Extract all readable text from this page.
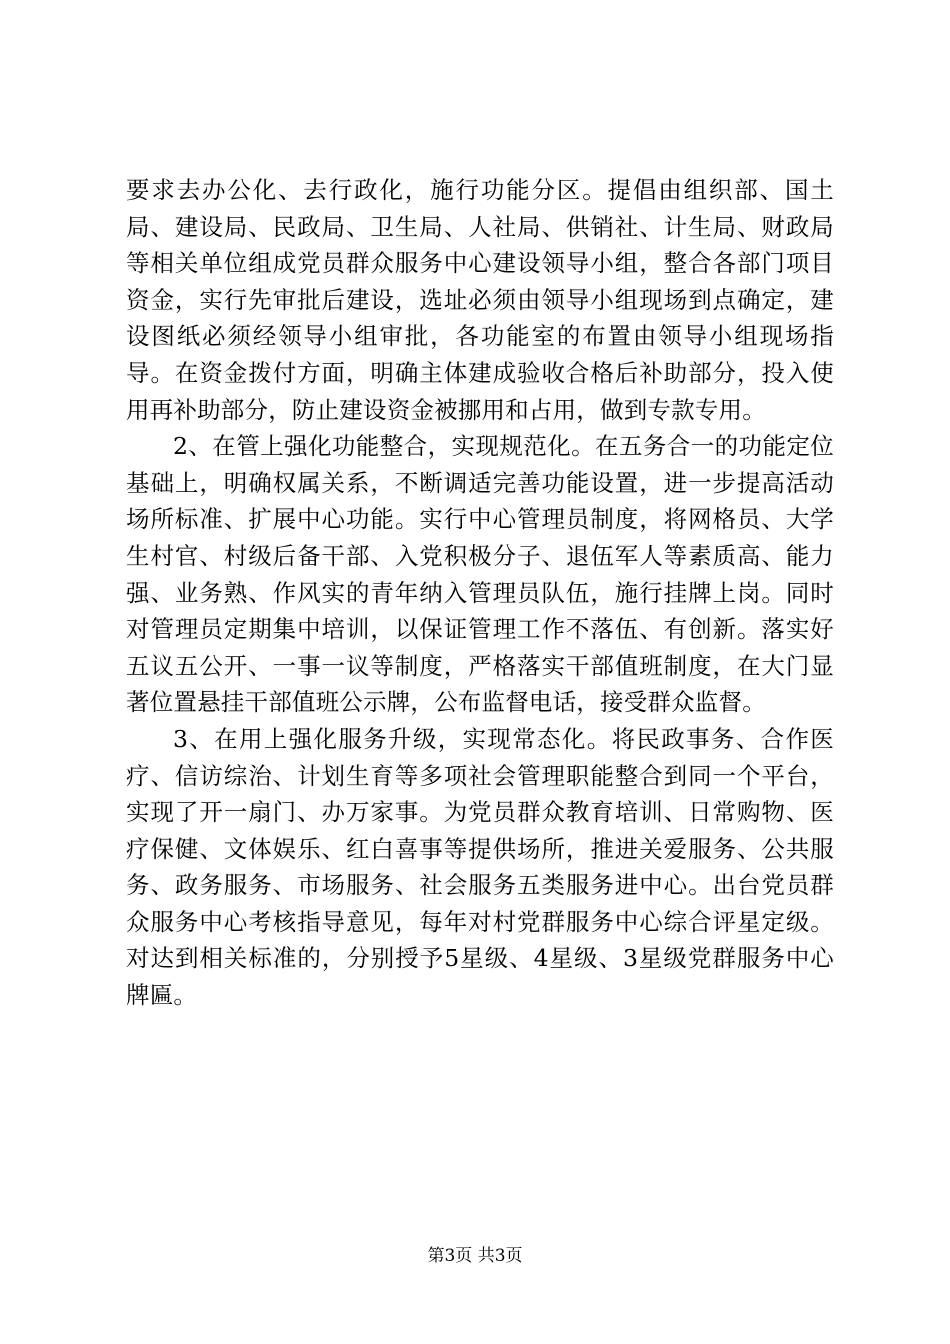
要求去办公化、去行政化，施行功能分区。提倡由组织部、国土局、建设局、民政局、卫生局、人社局、供销社、计生局、财政局等相关单位组成党员群众服务中心建设领导小组，整合各部门项目资金，实行先审批后建设，选址必须由领导小组现场到点确定，建设图纸必须经领导小组审批，各功能室的布置由领导小组现场指导。在资金拨付方面，明确主体建成验收合格后补助部分，投入使用再补助部分，防止建设资金被挪用和占用，做到专款专用。

2、在管上强化功能整合，实现规范化。在五务合一的功能定位基础上，明确权属关系，不断调适完善功能设置，进一步提高活动场所标准、扩展中心功能。实行中心管理员制度，将网格员、大学生村官、村级后备干部、入党积极分子、退伍军人等素质高、能力强、业务熟、作风实的青年纳入管理员队伍，施行挂牌上岗。同时对管理员定期集中培训，以保证管理工作不落伍、有创新。落实好五议五公开、一事一议等制度，严格落实干部值班制度，在大门显著位置悬挂干部值班公示牌，公布监督电话，接受群众监督。

3、在用上强化服务升级，实现常态化。将民政事务、合作医疗、信访综治、计划生育等多项社会管理职能整合到同一个平台，实现了开一扇门、办万家事。为党员群众教育培训、日常购物、医疗保健、文体娱乐、红白喜事等提供场所，推进关爱服务、公共服务、政务服务、市场服务、社会服务五类服务进中心。出台党员群众服务中心考核指导意见，每年对村党群服务中心综合评星定级。对达到相关标准的，分别授予5星级、4星级、3星级党群服务中心牌匾。

第3页 共3页
